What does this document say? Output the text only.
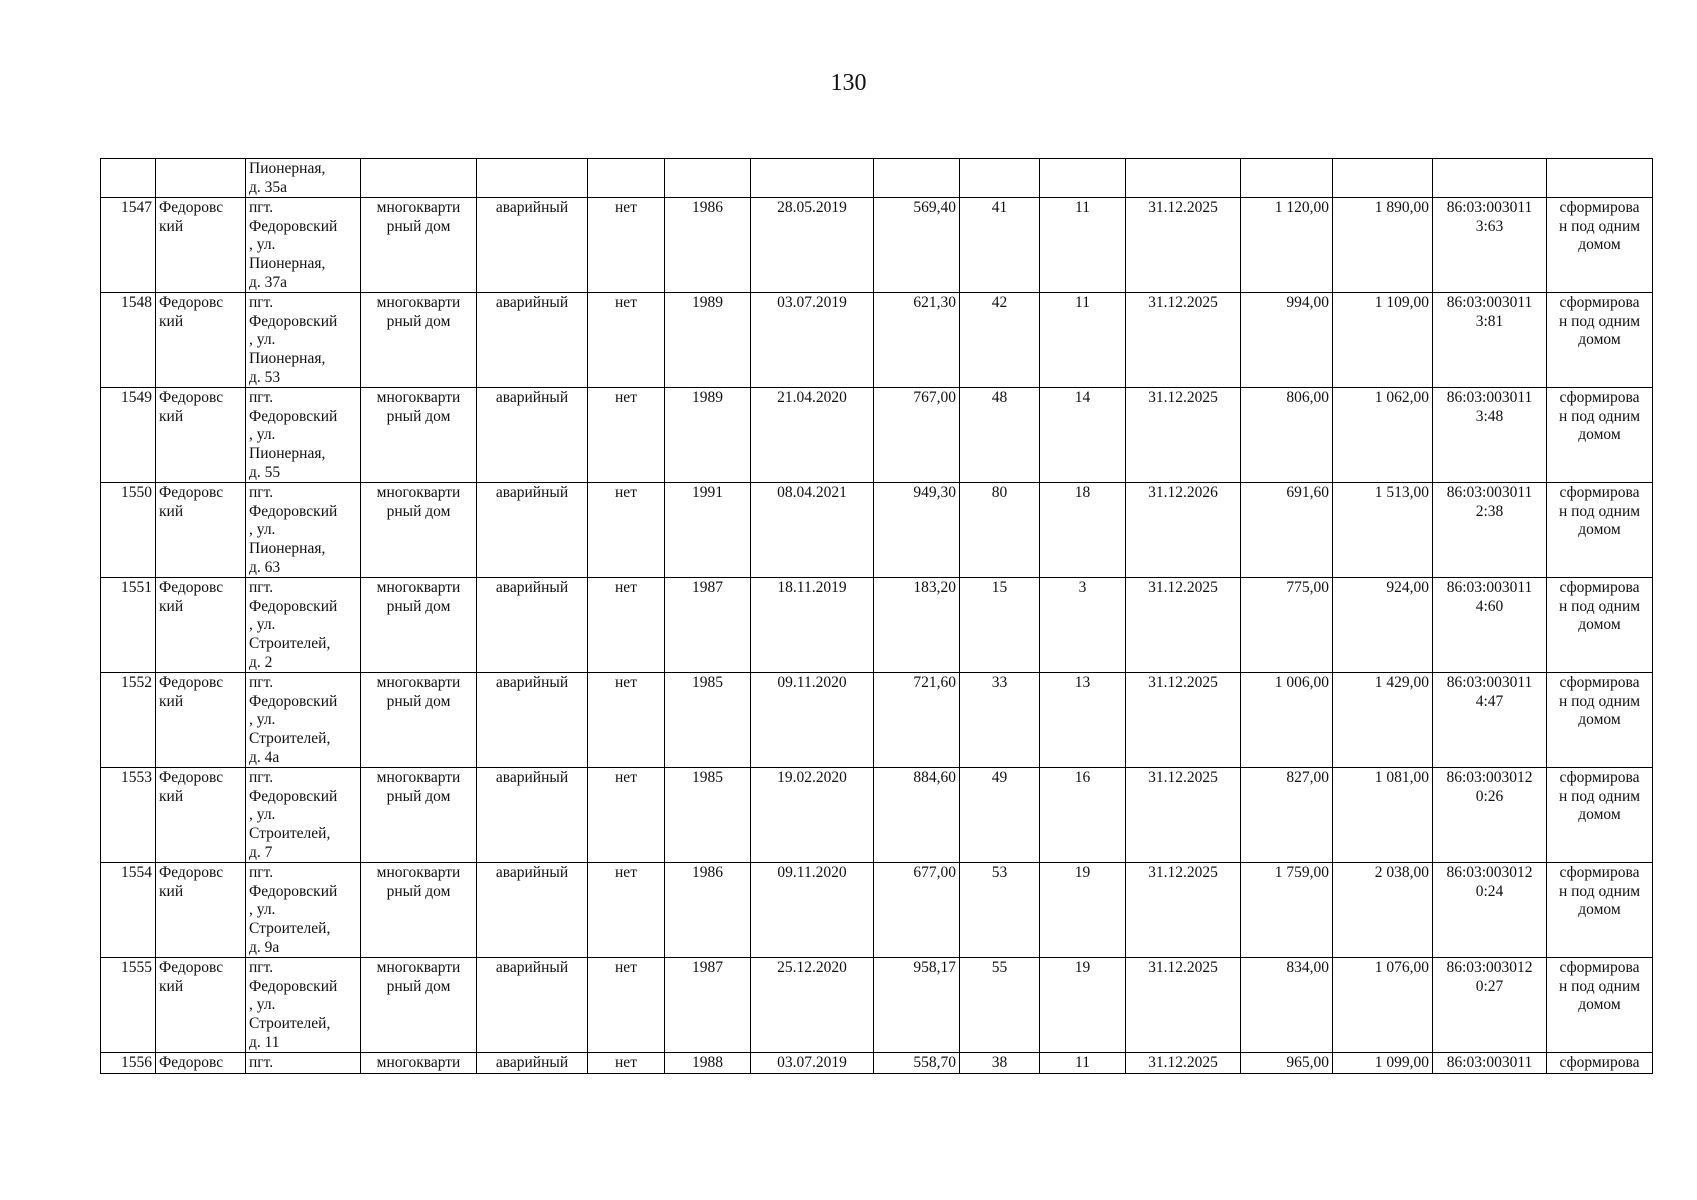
130
		Пионерная,
д. 35а													
1547	Федоровс
кий	пгт.
Федоровский
, ул.
Пионерная,
д. 37а	многокварти
рный дом	аварийный	нет	1986	28.05.2019	569,40	41	11	31.12.2025	1 120,00	1 890,00	86:03:003011
3:63	сформирова
н под одним
домом
1548	Федоровс
кий	пгт.
Федоровский
, ул.
Пионерная,
д. 53	многокварти
рный дом	аварийный	нет	1989	03.07.2019	621,30	42	11	31.12.2025	994,00	1 109,00	86:03:003011
3:81	сформирова
н под одним
домом
1549	Федоровс
кий	пгт.
Федоровский
, ул.
Пионерная,
д. 55	многокварти
рный дом	аварийный	нет	1989	21.04.2020	767,00	48	14	31.12.2025	806,00	1 062,00	86:03:003011
3:48	сформирова
н под одним
домом
1550	Федоровс
кий	пгт.
Федоровский
, ул.
Пионерная,
д. 63	многокварти
рный дом	аварийный	нет	1991	08.04.2021	949,30	80	18	31.12.2026	691,60	1 513,00	86:03:003011
2:38	сформирова
н под одним
домом
1551	Федоровс
кий	пгт.
Федоровский
, ул.
Строителей,
д. 2	многокварти
рный дом	аварийный	нет	1987	18.11.2019	183,20	15	3	31.12.2025	775,00	924,00	86:03:003011
4:60	сформирова
н под одним
домом
1552	Федоровс
кий	пгт.
Федоровский
, ул.
Строителей,
д. 4а	многокварти
рный дом	аварийный	нет	1985	09.11.2020	721,60	33	13	31.12.2025	1 006,00	1 429,00	86:03:003011
4:47	сформирова
н под одним
домом
1553	Федоровс
кий	пгт.
Федоровский
, ул.
Строителей,
д. 7	многокварти
рный дом	аварийный	нет	1985	19.02.2020	884,60	49	16	31.12.2025	827,00	1 081,00	86:03:003012
0:26	сформирова
н под одним
домом
1554	Федоровс
кий	пгт.
Федоровский
, ул.
Строителей,
д. 9а	многокварти
рный дом	аварийный	нет	1986	09.11.2020	677,00	53	19	31.12.2025	1 759,00	2 038,00	86:03:003012
0:24	сформирова
н под одним
домом
1555	Федоровс
кий	пгт.
Федоровский
, ул.
Строителей,
д. 11	многокварти
рный дом	аварийный	нет	1987	25.12.2020	958,17	55	19	31.12.2025	834,00	1 076,00	86:03:003012
0:27	сформирова
н под одним
домом
1556	Федоровс	пгт.	многокварти	аварийный	нет	1988	03.07.2019	558,70	38	11	31.12.2025	965,00	1 099,00	86:03:003011	сформирова
